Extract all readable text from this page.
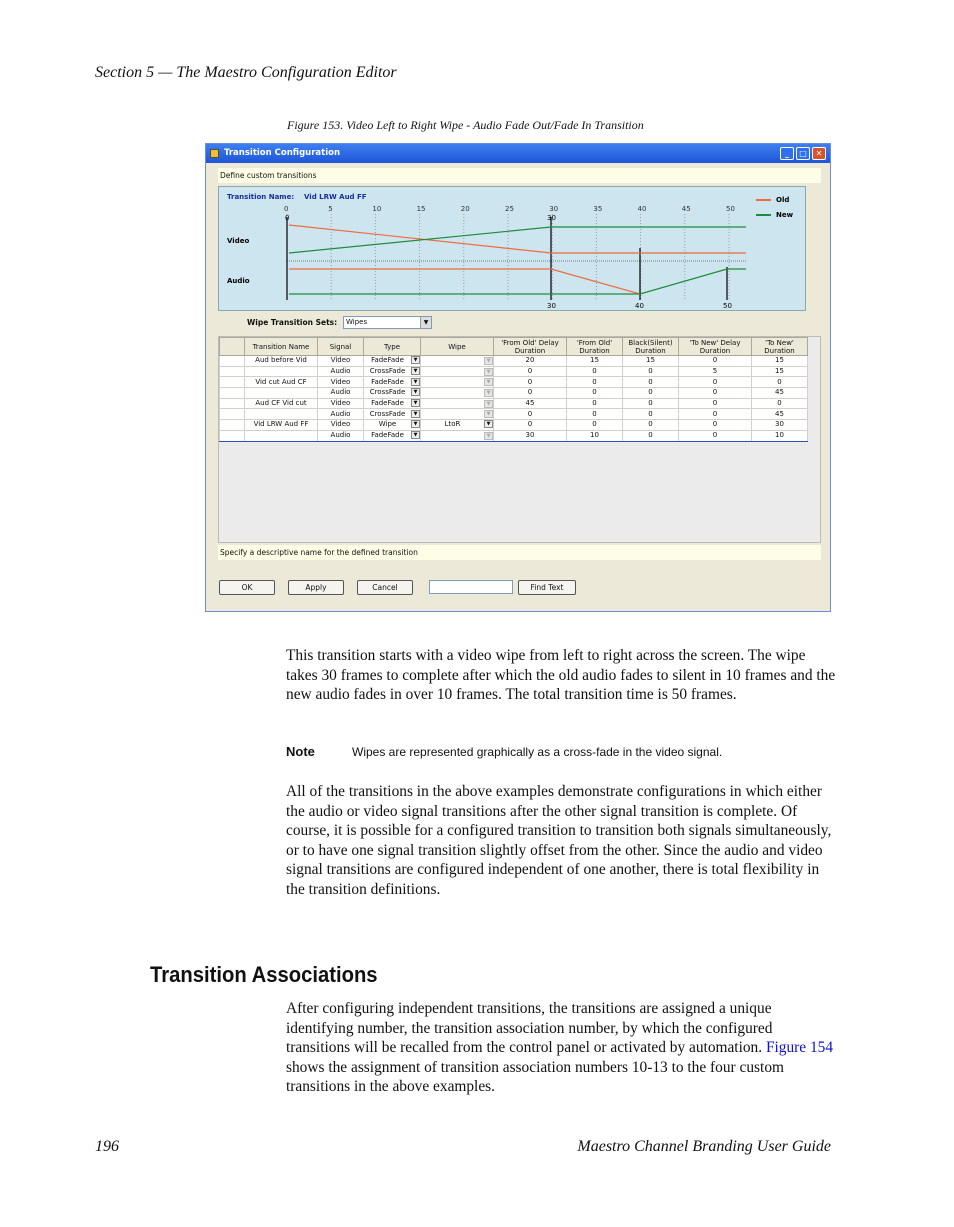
Section 5 — The Maestro Configuration Editor
Figure 153. Video Left to Right Wipe - Audio Fade Out/Fade In Transition
Transition Configuration	_	□	✕
Define custom transitions
Transition Name: Vid LRW Aud FF
0	5	10	15	20	25	30	35	40	45	50
Video
Audio
0	30
30	40	50
Old
New
Wipe Transition Sets:	Wipes	▼
	Transition Name	Signal	Type	Wipe	'From Old' Delay Duration	'From Old' Duration	Black(Silent) Duration	'To New' Delay Duration	'To New' Duration
	Aud before Vid	Video	FadeFade ▼	▼	20	15	15	0	15
		Audio	CrossFade ▼	▼	0	0	0	5	15
	Vid cut Aud CF	Video	FadeFade ▼	▼	0	0	0	0	0
		Audio	CrossFade ▼	▼	0	0	0	0	45
	Aud CF Vid cut	Video	FadeFade ▼	▼	45	0	0	0	0
		Audio	CrossFade ▼	▼	0	0	0	0	45
	Vid LRW Aud FF	Video	Wipe ▼	LtoR ▼	0	0	0	0	30
		Audio	FadeFade ▼	▼	30	10	0	0	10
Specify a descriptive name for the defined transition
OK	Apply	Cancel	Find Text
This transition starts with a video wipe from left to right across the screen. The wipe takes 30 frames to complete after which the old audio fades to silent in 10 frames and the new audio fades in over 10 frames. The total transition time is 50 frames.
Note	Wipes are represented graphically as a cross-fade in the video signal.
All of the transitions in the above examples demonstrate configurations in which either the audio or video signal transitions after the other signal transition is complete. Of course, it is possible for a configured transition to transition both signals simultaneously, or to have one signal transition slightly offset from the other. Since the audio and video signal transitions are configured independent of one another, there is total flexibility in the transition definitions.
Transition Associations
After configuring independent transitions, the transitions are assigned a unique identifying number, the transition association number, by which the configured transitions will be recalled from the control panel or activated by automation. Figure 154 shows the assignment of transition association numbers 10-13 to the four custom transitions in the above examples.
196	Maestro Channel Branding User Guide
